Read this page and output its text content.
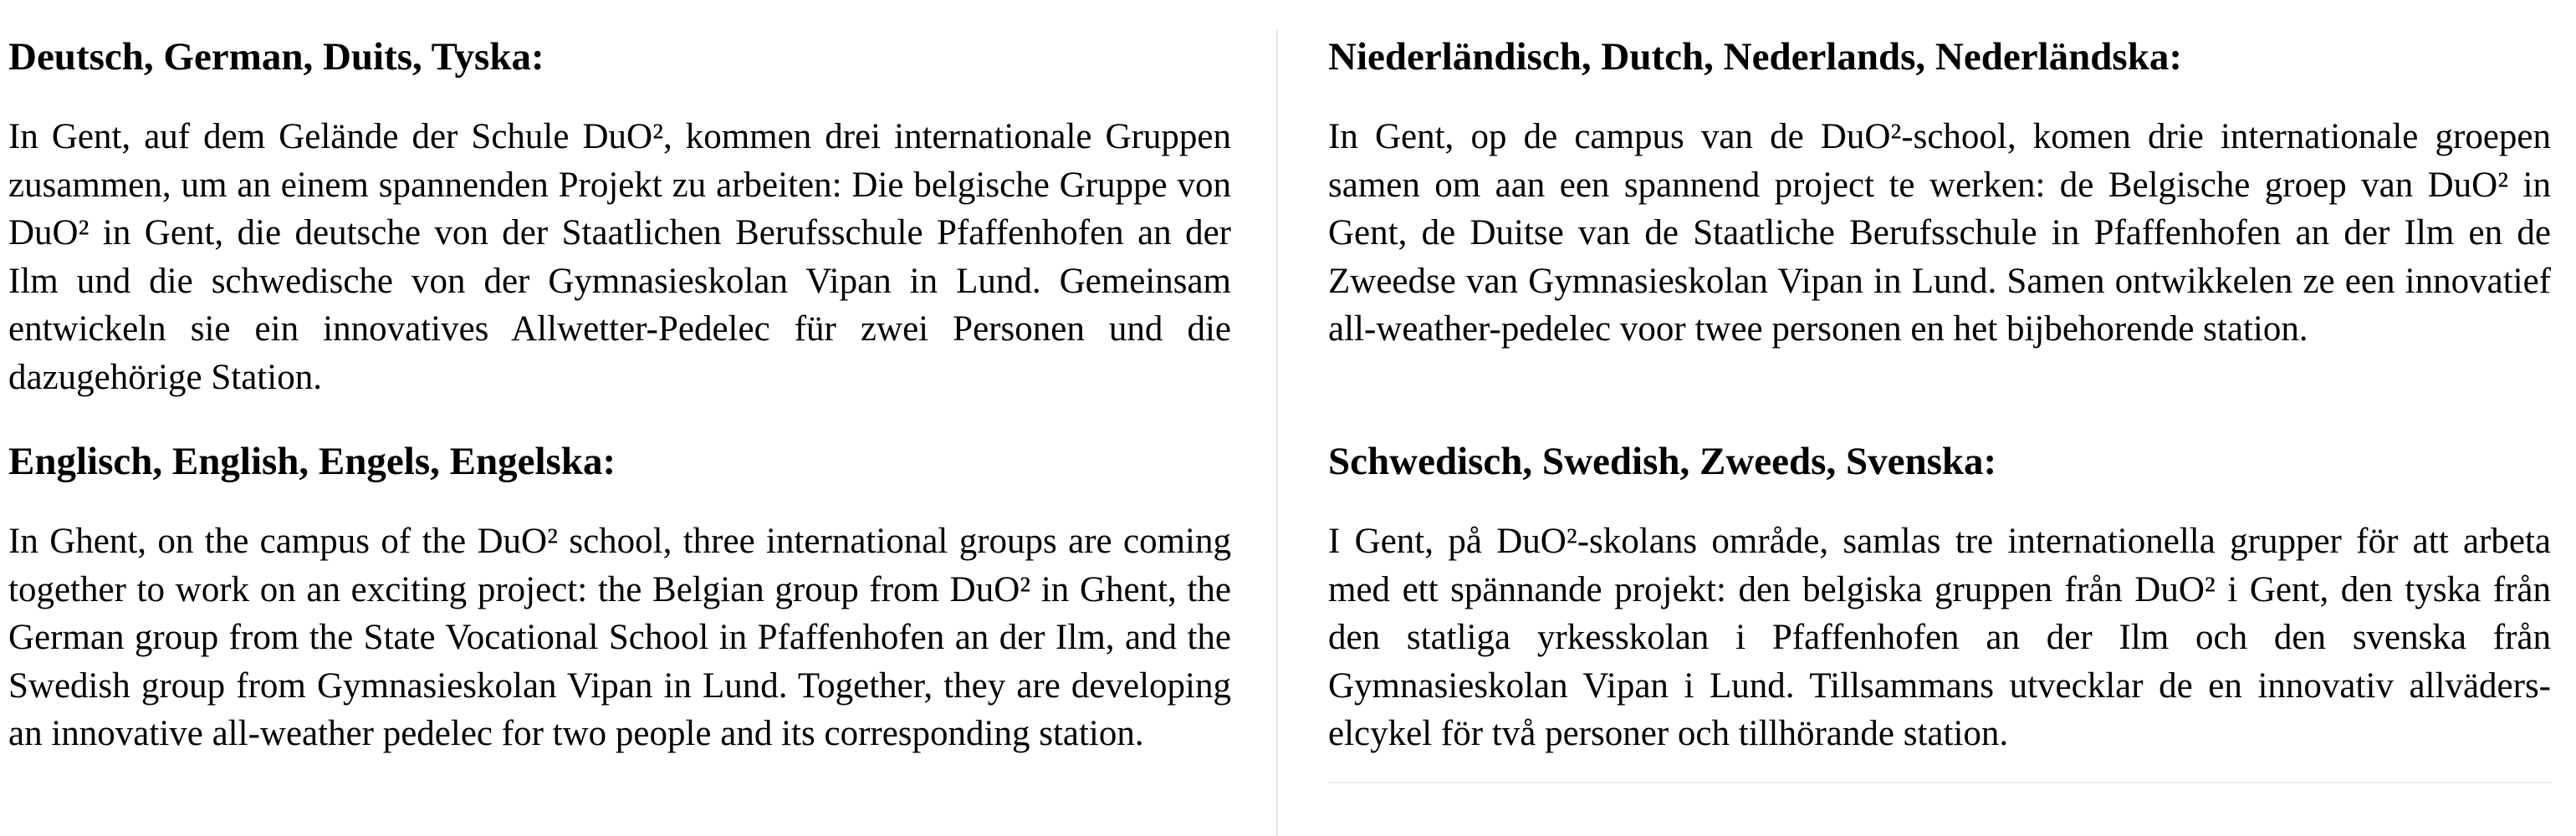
Deutsch, German, Duits, Tyska:

In Gent, auf dem Gelände der Schule DuO², kommen drei internationale Gruppen zusammen, um an einem spannenden Projekt zu arbeiten: Die belgische Gruppe von DuO² in Gent, die deutsche von der Staatlichen Berufsschule Pfaffenhofen an der Ilm und die schwedische von der Gymnasieskolan Vipan in Lund. Gemeinsam entwickeln sie ein innovatives Allwetter-Pedelec für zwei Personen und die dazugehörige Station.

Englisch, English, Engels, Engelska:

In Ghent, on the campus of the DuO² school, three international groups are coming together to work on an exciting project: the Belgian group from DuO² in Ghent, the German group from the State Vocational School in Pfaffenhofen an der Ilm, and the Swedish group from Gymnasieskolan Vipan in Lund. Together, they are developing an innovative all-weather pedelec for two people and its corresponding station.

Niederländisch, Dutch, Nederlands, Nederländska:

In Gent, op de campus van de DuO²-school, komen drie internationale groepen samen om aan een spannend project te werken: de Belgische groep van DuO² in Gent, de Duitse van de Staatliche Berufsschule in Pfaffenhofen an der Ilm en de Zweedse van Gymnasieskolan Vipan in Lund. Samen ontwikkelen ze een innovatief all-weather-pedelec voor twee personen en het bijbehorende station.

Schwedisch, Swedish, Zweeds, Svenska:

I Gent, på DuO²-skolans område, samlas tre internationella grupper för att arbeta med ett spännande projekt: den belgiska gruppen från DuO² i Gent, den tyska från den statliga yrkesskolan i Pfaffenhofen an der Ilm och den svenska från Gymnasieskolan Vipan i Lund. Tillsammans utvecklar de en innovativ allväders-elcykel för två personer och tillhörande station.
